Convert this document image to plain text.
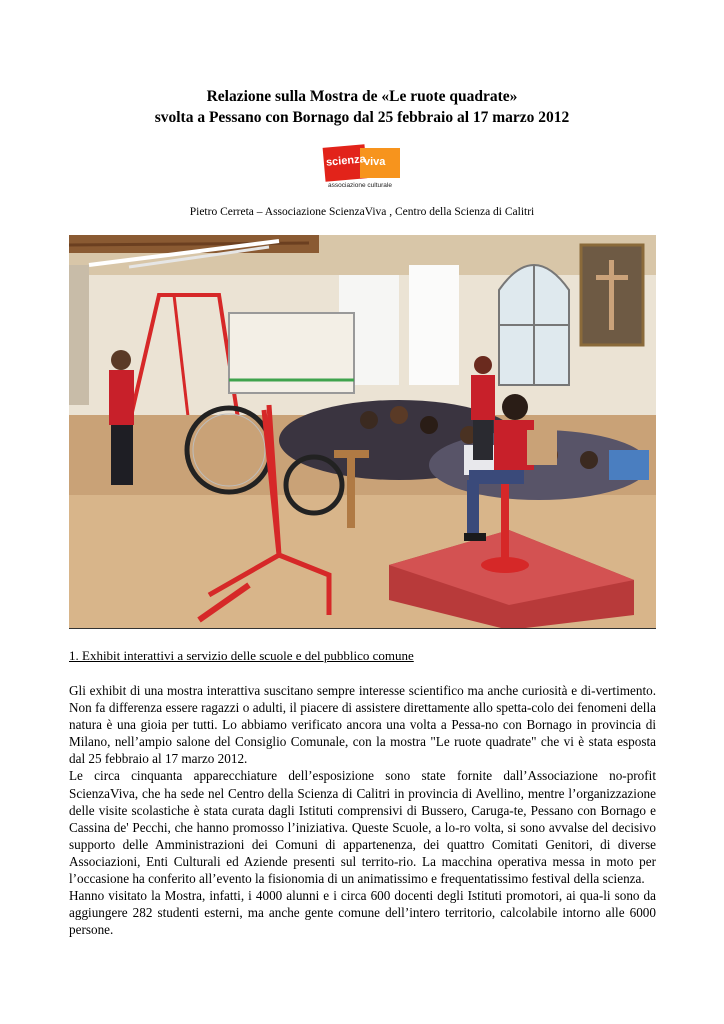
Relazione sulla Mostra de «Le ruote quadrate»
svolta a Pessano con Bornago dal 25 febbraio al 17 marzo 2012
scienza
viva
associazione culturale
Pietro Cerreta – Associazione ScienzaViva , Centro della Scienza di Calitri
1. Exhibit interattivi a servizio delle scuole e del pubblico comune

Gli exhibit di una mostra interattiva suscitano sempre interesse scientifico ma anche curiosità e di-vertimento. Non fa differenza essere ragazzi o adulti, il piacere di assistere direttamente allo spetta-colo dei fenomeni della natura è una gioia per tutti. Lo abbiamo verificato ancora una volta a Pessa-no con Bornago in provincia di Milano, nell’ampio salone del Consiglio Comunale, con la mostra "Le ruote quadrate" che vi è stata esposta dal 25 febbraio al 17 marzo 2012.

Le circa cinquanta apparecchiature dell’esposizione sono state fornite dall’Associazione no-profit ScienzaViva, che ha sede nel Centro della Scienza di Calitri in provincia di Avellino, mentre l’organizzazione delle visite scolastiche è stata curata dagli Istituti comprensivi di Bussero, Caruga-te, Pessano con Bornago e Cassina de' Pecchi, che hanno promosso l’iniziativa. Queste Scuole, a lo-ro volta, si sono avvalse del decisivo supporto delle Amministrazioni dei Comuni di appartenenza, dei quattro Comitati Genitori, di diverse Associazioni, Enti Culturali ed Aziende presenti sul territo-rio. La macchina operativa messa in moto per l’occasione ha conferito all’evento la fisionomia di un animatissimo e frequentatissimo festival della scienza.

Hanno visitato la Mostra, infatti, i 4000 alunni e i circa 600 docenti degli Istituti promotori, ai qua-li sono da aggiungere 282 studenti esterni, ma anche gente comune dell’intero territorio, calcolabile intorno alle 6000 persone.
